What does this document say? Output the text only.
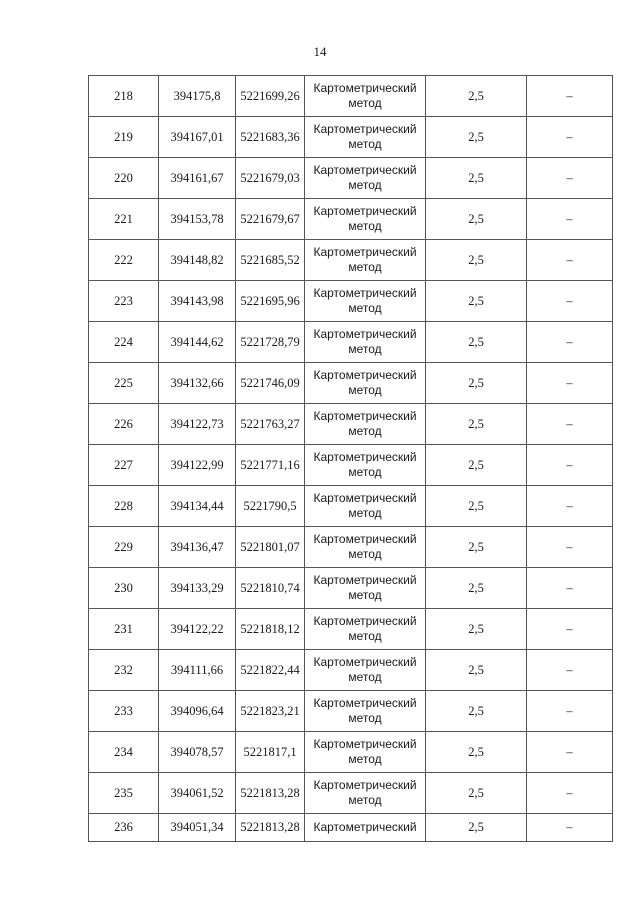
14
218	394175,8	5221699,26	Картометрический метод	2,5	–
219	394167,01	5221683,36	Картометрический метод	2,5	–
220	394161,67	5221679,03	Картометрический метод	2,5	–
221	394153,78	5221679,67	Картометрический метод	2,5	–
222	394148,82	5221685,52	Картометрический метод	2,5	–
223	394143,98	5221695,96	Картометрический метод	2,5	–
224	394144,62	5221728,79	Картометрический метод	2,5	–
225	394132,66	5221746,09	Картометрический метод	2,5	–
226	394122,73	5221763,27	Картометрический метод	2,5	–
227	394122,99	5221771,16	Картометрический метод	2,5	–
228	394134,44	5221790,5	Картометрический метод	2,5	–
229	394136,47	5221801,07	Картометрический метод	2,5	–
230	394133,29	5221810,74	Картометрический метод	2,5	–
231	394122,22	5221818,12	Картометрический метод	2,5	–
232	394111,66	5221822,44	Картометрический метод	2,5	–
233	394096,64	5221823,21	Картометрический метод	2,5	–
234	394078,57	5221817,1	Картометрический метод	2,5	–
235	394061,52	5221813,28	Картометрический метод	2,5	–
236	394051,34	5221813,28	Картометрический	2,5	–
